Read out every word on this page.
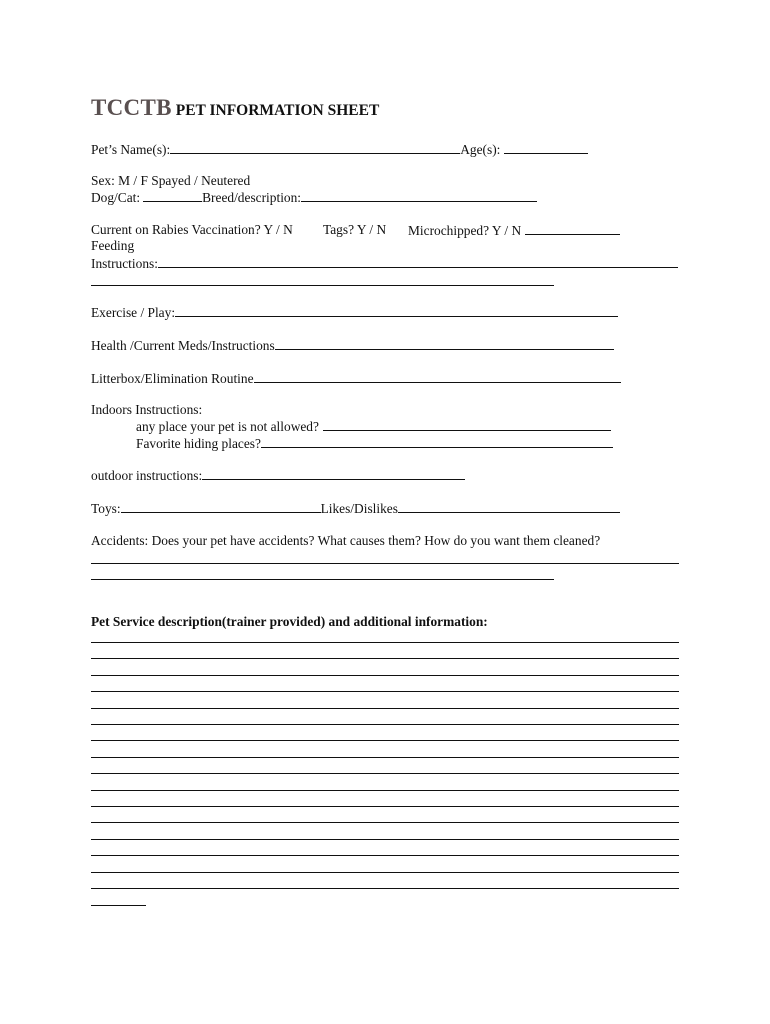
TCCTB PET INFORMATION SHEET
Pet’s Name(s):	Age(s):
Sex: M / F Spayed / Neutered
Dog/Cat:	Breed/description:
Current on Rabies Vaccination? Y / N Tags? Y / N Microchipped? Y / N
Feeding
Instructions:
Exercise / Play:
Health /Current Meds/Instructions
Litterbox/Elimination Routine
Indoors Instructions:
any place your pet is not allowed?
Favorite hiding places?
outdoor instructions:
Toys:	Likes/Dislikes
Accidents: Does your pet have accidents? What causes them? How do you want them cleaned?
Pet Service description(trainer provided) and additional information:
